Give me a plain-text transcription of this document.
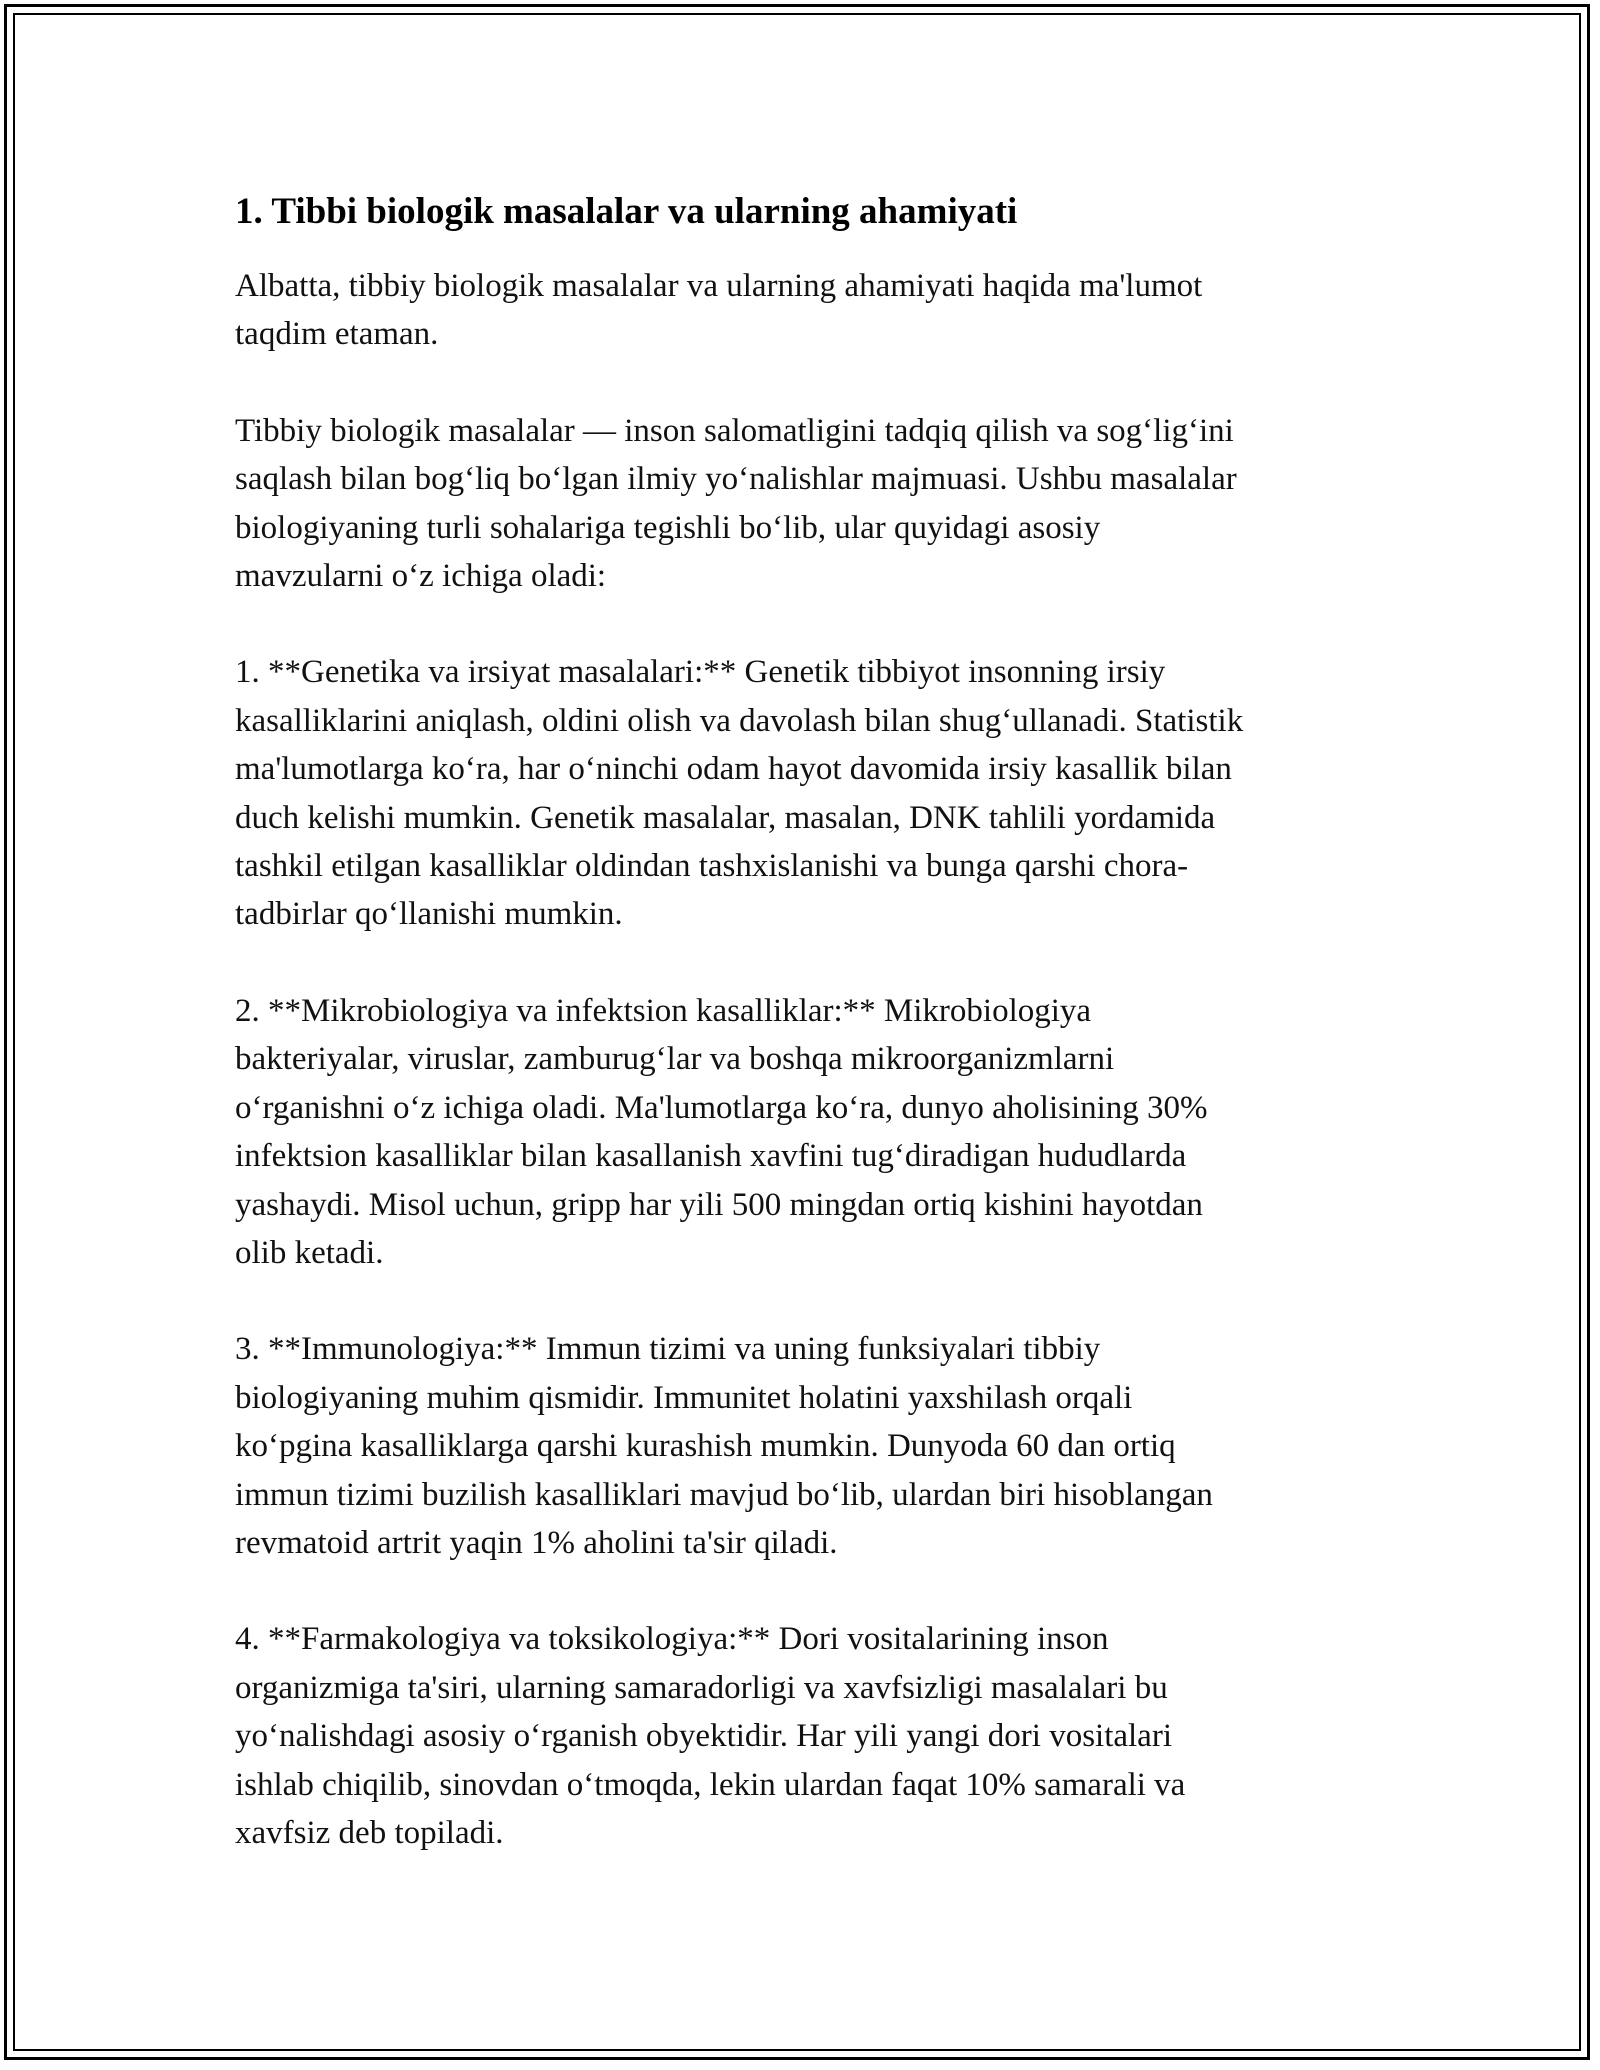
1. Tibbi biologik masalalar va ularning ahamiyati

Albatta, tibbiy biologik masalalar va ularning ahamiyati haqida ma'lumot
taqdim etaman.

Tibbiy biologik masalalar — inson salomatligini tadqiq qilish va sog‘lig‘ini
saqlash bilan bog‘liq bo‘lgan ilmiy yo‘nalishlar majmuasi. Ushbu masalalar
biologiyaning turli sohalariga tegishli bo‘lib, ular quyidagi asosiy
mavzularni o‘z ichiga oladi:

1. **Genetika va irsiyat masalalari:** Genetik tibbiyot insonning irsiy
kasalliklarini aniqlash, oldini olish va davolash bilan shug‘ullanadi. Statistik
ma'lumotlarga ko‘ra, har o‘ninchi odam hayot davomida irsiy kasallik bilan
duch kelishi mumkin. Genetik masalalar, masalan, DNK tahlili yordamida
tashkil etilgan kasalliklar oldindan tashxislanishi va bunga qarshi chora-
tadbirlar qo‘llanishi mumkin.

2. **Mikrobiologiya va infektsion kasalliklar:** Mikrobiologiya
bakteriyalar, viruslar, zamburug‘lar va boshqa mikroorganizmlarni
o‘rganishni o‘z ichiga oladi. Ma'lumotlarga ko‘ra, dunyo aholisining 30%
infektsion kasalliklar bilan kasallanish xavfini tug‘diradigan hududlarda
yashaydi. Misol uchun, gripp har yili 500 mingdan ortiq kishini hayotdan
olib ketadi.

3. **Immunologiya:** Immun tizimi va uning funksiyalari tibbiy
biologiyaning muhim qismidir. Immunitet holatini yaxshilash orqali
ko‘pgina kasalliklarga qarshi kurashish mumkin. Dunyoda 60 dan ortiq
immun tizimi buzilish kasalliklari mavjud bo‘lib, ulardan biri hisoblangan
revmatoid artrit yaqin 1% aholini ta'sir qiladi.

4. **Farmakologiya va toksikologiya:** Dori vositalarining inson
organizmiga ta'siri, ularning samaradorligi va xavfsizligi masalalari bu
yo‘nalishdagi asosiy o‘rganish obyektidir. Har yili yangi dori vositalari
ishlab chiqilib, sinovdan o‘tmoqda, lekin ulardan faqat 10% samarali va
xavfsiz deb topiladi.
